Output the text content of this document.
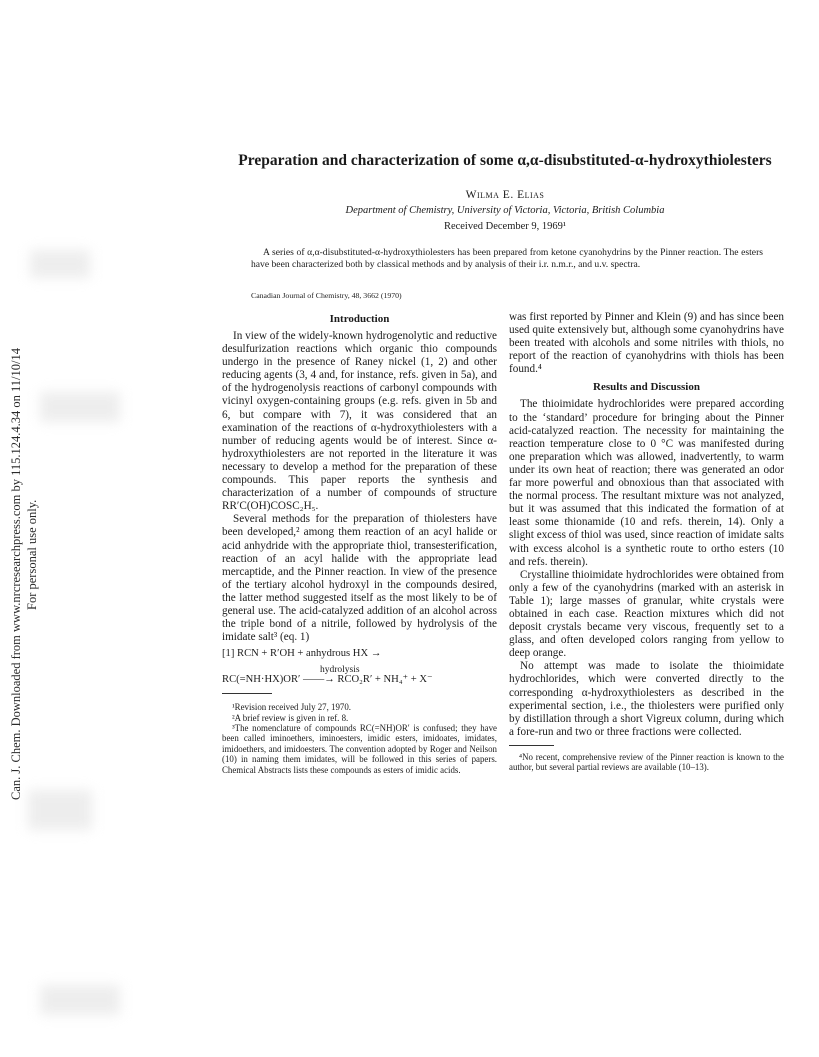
Can. J. Chem. Downloaded from www.nrcresearchpress.com by 115.124.4.34 on 11/10/14 For personal use only.
Preparation and characterization of some α,α-disubstituted-α-hydroxythiolesters

Wilma E. Elias

Department of Chemistry, University of Victoria, Victoria, British Columbia

Received December 9, 1969¹

A series of α,α-disubstituted-α-hydroxythiolesters has been prepared from ketone cyanohydrins by the Pinner reaction. The esters have been characterized both by classical methods and by analysis of their i.r. n.m.r., and u.v. spectra.

Canadian Journal of Chemistry, 48, 3662 (1970)

Introduction

In view of the widely-known hydrogenolytic and reductive desulfurization reactions which organic thio compounds undergo in the presence of Raney nickel (1, 2) and other reducing agents (3, 4 and, for instance, refs. given in 5a), and of the hydrogenolysis reactions of carbonyl compounds with vicinyl oxygen-containing groups (e.g. refs. given in 5b and 6, but compare with 7), it was considered that an examination of the reactions of α-hydroxythiolesters with a number of reducing agents would be of interest. Since α-hydroxythiolesters are not reported in the literature it was necessary to develop a method for the preparation of these compounds. This paper reports the synthesis and characterization of a number of compounds of structure RR′C(OH)COSC₂H₅.

Several methods for the preparation of thiolesters have been developed,² among them reaction of an acyl halide or acid anhydride with the appropriate thiol, transesterification, reaction of an acyl halide with the appropriate lead mercaptide, and the Pinner reaction. In view of the presence of the tertiary alcohol hydroxyl in the compounds desired, the latter method suggested itself as the most likely to be of general use. The acid-catalyzed addition of an alcohol across the triple bond of a nitrile, followed by hydrolysis of the imidate salt³ (eq. 1)

[1] RCN + R′OH + anhydrous HX →

hydrolysis
RC(=NH·HX)OR′ ——→ RCO₂R′ + NH₄⁺ + X⁻

¹Revision received July 27, 1970.

²A brief review is given in ref. 8.

³The nomenclature of compounds RC(=NH)OR′ is confused; they have been called iminoethers, iminoesters, imidic esters, imidoates, imidates, imidoethers, and imidoesters. The convention adopted by Roger and Neilson (10) in naming them imidates, will be followed in this series of papers. Chemical Abstracts lists these compounds as esters of imidic acids.

was first reported by Pinner and Klein (9) and has since been used quite extensively but, although some cyanohydrins have been treated with alcohols and some nitriles with thiols, no report of the reaction of cyanohydrins with thiols has been found.⁴

Results and Discussion

The thioimidate hydrochlorides were prepared according to the ‘standard’ procedure for bringing about the Pinner acid-catalyzed reaction. The necessity for maintaining the reaction temperature close to 0 °C was manifested during one preparation which was allowed, inadvertently, to warm under its own heat of reaction; there was generated an odor far more powerful and obnoxious than that associated with the normal process. The resultant mixture was not analyzed, but it was assumed that this indicated the formation of at least some thionamide (10 and refs. therein, 14). Only a slight excess of thiol was used, since reaction of imidate salts with excess alcohol is a synthetic route to ortho esters (10 and refs. therein).

Crystalline thioimidate hydrochlorides were obtained from only a few of the cyanohydrins (marked with an asterisk in Table 1); large masses of granular, white crystals were obtained in each case. Reaction mixtures which did not deposit crystals became very viscous, frequently set to a glass, and often developed colors ranging from yellow to deep orange.

No attempt was made to isolate the thioimidate hydrochlorides, which were converted directly to the corresponding α-hydroxythiolesters as described in the experimental section, i.e., the thiolesters were purified only by distillation through a short Vigreux column, during which a fore-run and two or three fractions were collected.

⁴No recent, comprehensive review of the Pinner reaction is known to the author, but several partial reviews are available (10–13).
